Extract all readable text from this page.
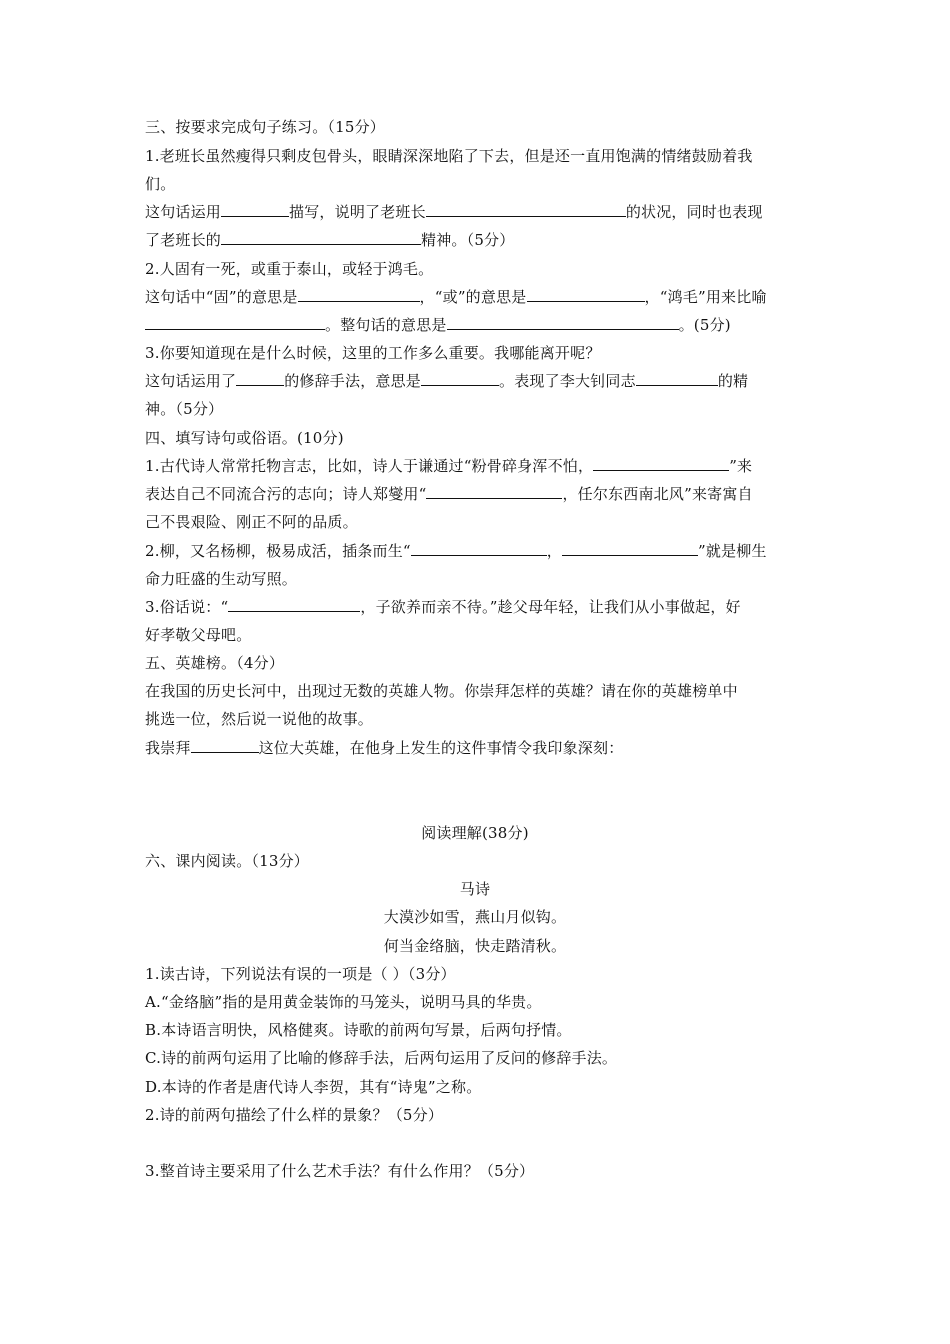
三、按要求完成句子练习。（15分）
1.老班长虽然瘦得只剩皮包骨头，眼睛深深地陷了下去，但是还一直用饱满的情绪鼓励着我
们。
这句话运用	描写，说明了老班长	的状况，同时也表现
了老班长的	精神。（5分）
2.人固有一死，或重于泰山，或轻于鸿毛。
这句话中“固”的意思是	，“或”的意思是	，“鸿毛”用来比喻
。整句话的意思是	。(5分)
3.你要知道现在是什么时候，这里的工作多么重要。我哪能离开呢？
这句话运用了	的修辞手法，意思是	。表现了李大钊同志	的精
神。（5分）
四、填写诗句或俗语。(10分)
1.古代诗人常常托物言志，比如，诗人于谦通过“粉骨碎身浑不怕，	”来
表达自己不同流合污的志向；诗人郑燮用“	，任尔东西南北风”来寄寓自
己不畏艰险、刚正不阿的品质。
2.柳，又名杨柳，极易成活，插条而生“	，	”就是柳生
命力旺盛的生动写照。
3.俗话说：“	，子欲养而亲不待。”趁父母年轻，让我们从小事做起，好
好孝敬父母吧。
五、英雄榜。（4分）
在我国的历史长河中，出现过无数的英雄人物。你崇拜怎样的英雄？请在你的英雄榜单中
挑选一位，然后说一说他的故事。
我崇拜	这位大英雄，在他身上发生的这件事情令我印象深刻：
阅读理解(38分)
六、课内阅读。（13分）
马诗
大漠沙如雪，燕山月似钩。
何当金络脑，快走踏清秋。
1.读古诗，下列说法有误的一项是（ ）（3分）
A.“金络脑”指的是用黄金装饰的马笼头，说明马具的华贵。
B.本诗语言明快，风格健爽。诗歌的前两句写景，后两句抒情。
C.诗的前两句运用了比喻的修辞手法，后两句运用了反问的修辞手法。
D.本诗的作者是唐代诗人李贺，其有“诗鬼”之称。
2.诗的前两句描绘了什么样的景象？（5分）
3.整首诗主要采用了什么艺术手法？有什么作用？（5分）
